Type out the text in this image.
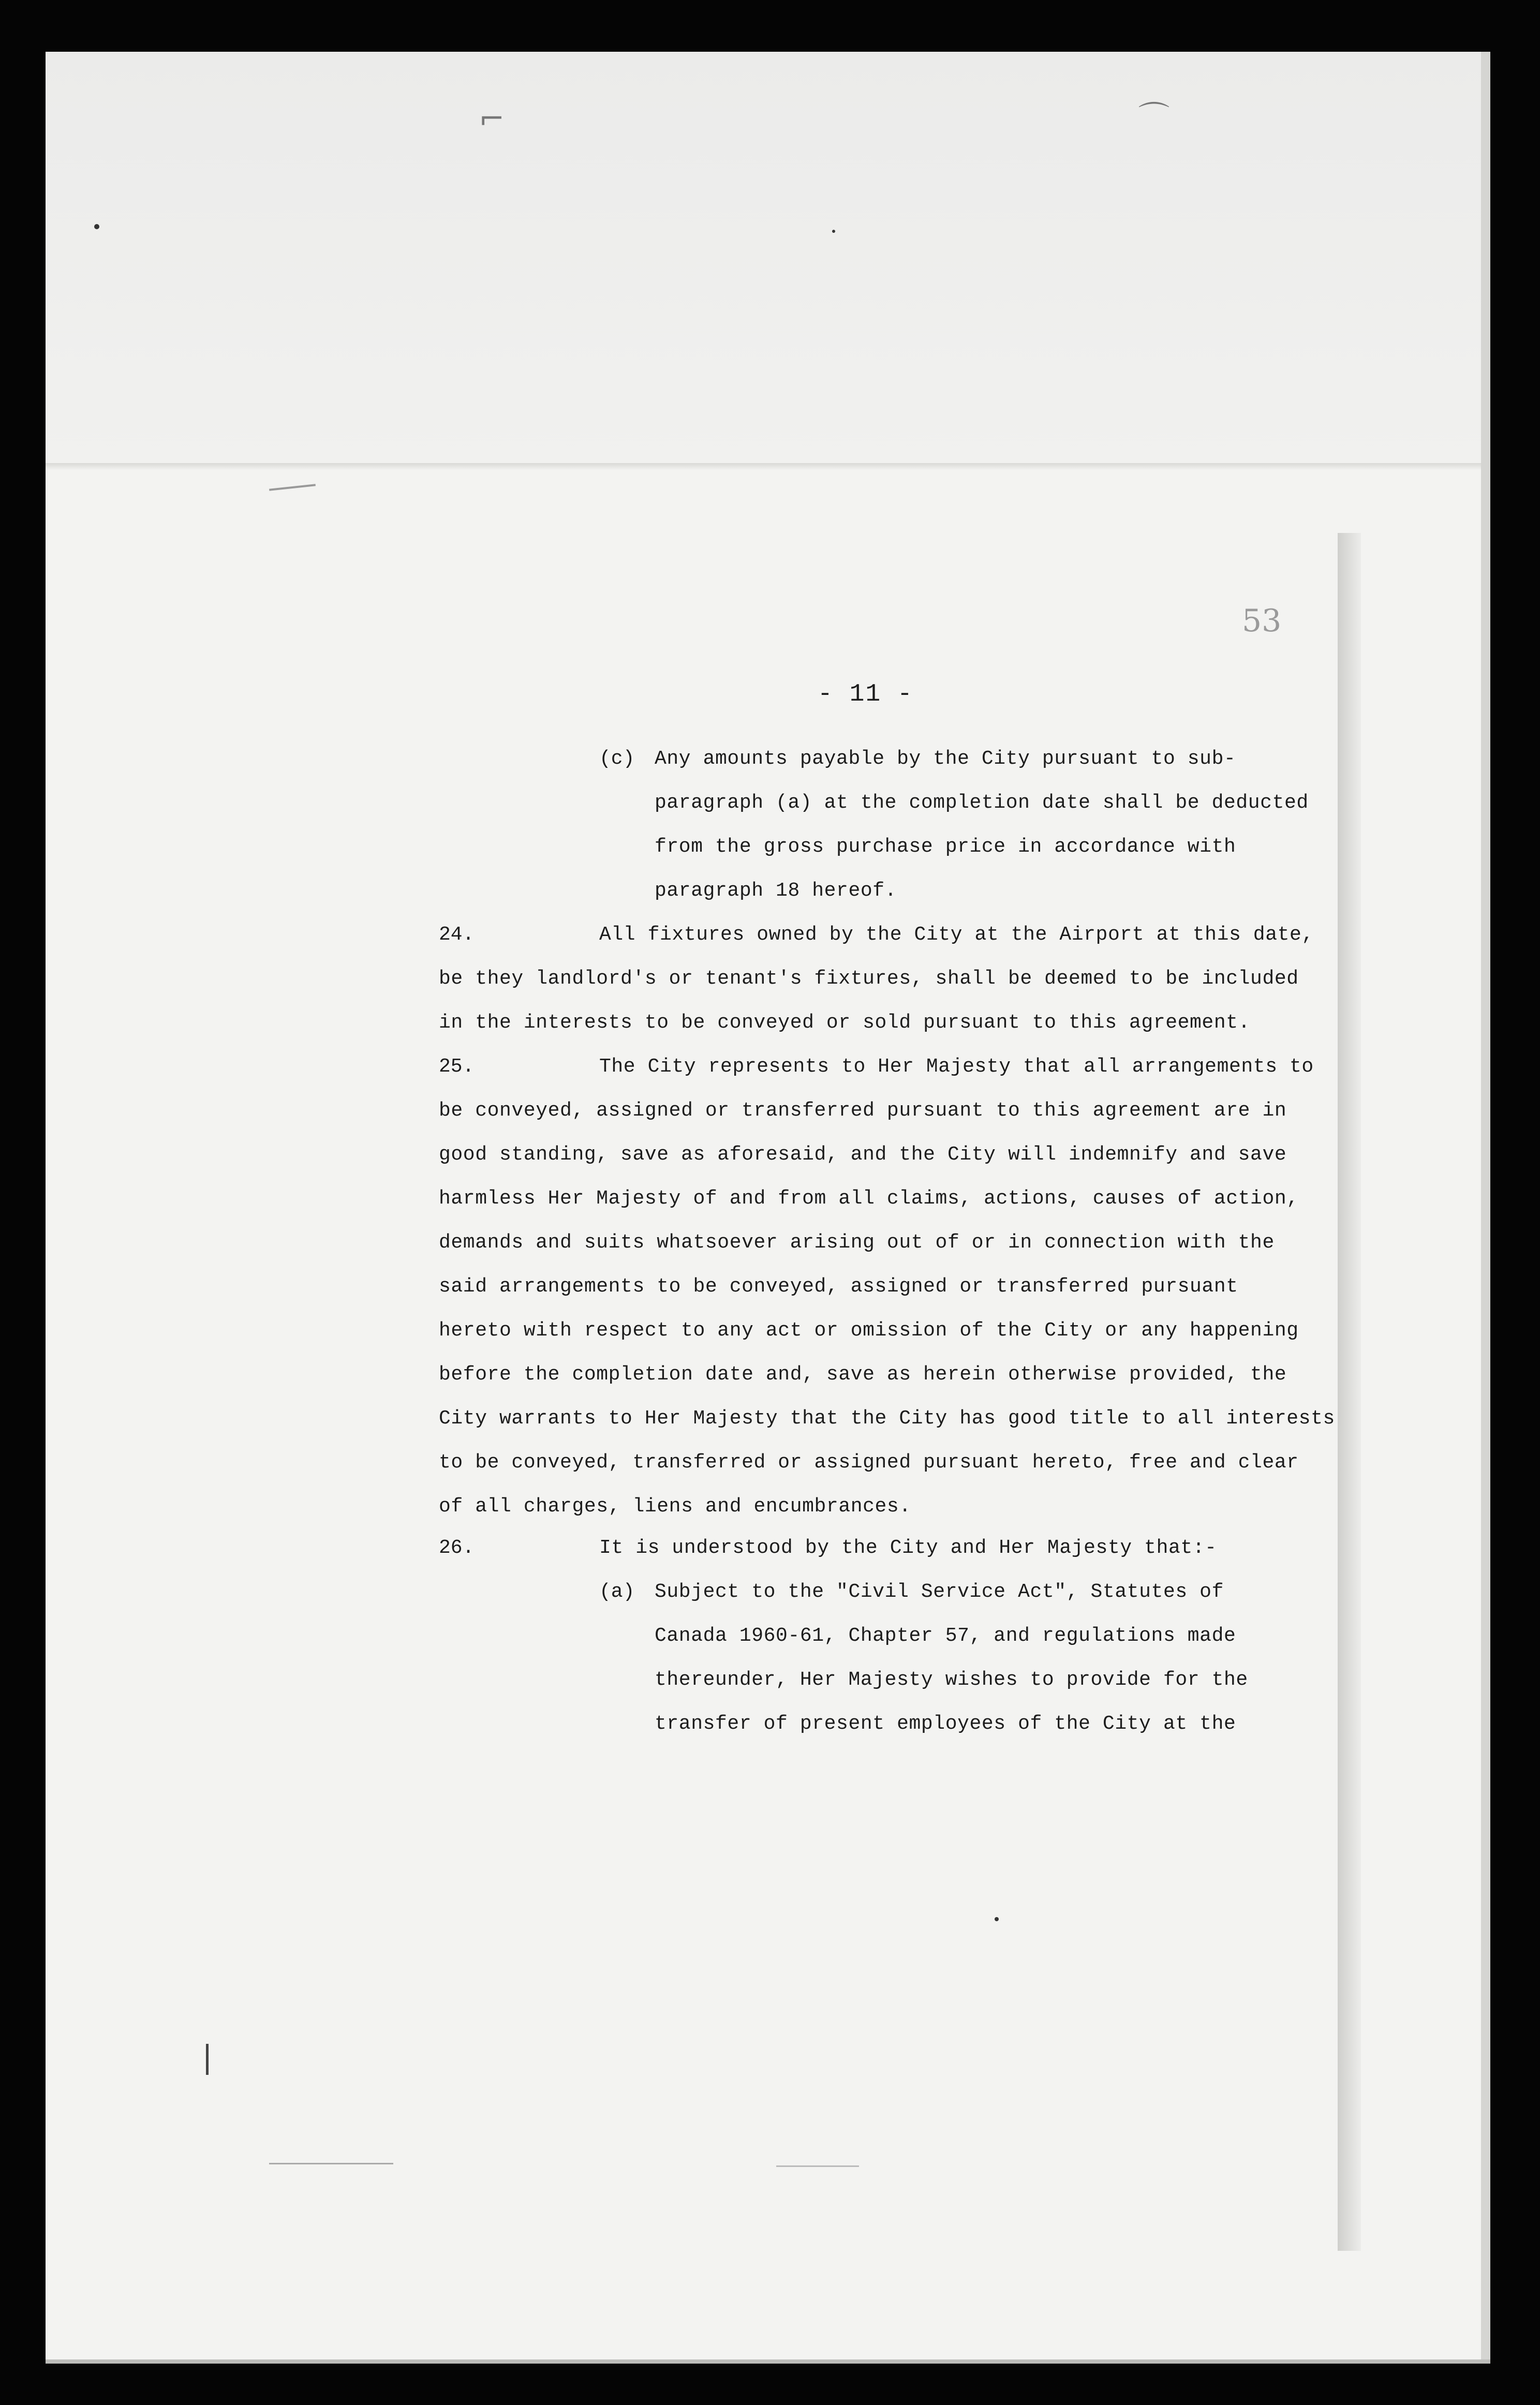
⌐	⌒
53
- 11 -
(c) Any amounts payable by the City pursuant to sub-
paragraph (a) at the completion date shall be deducted
from the gross purchase price in accordance with
paragraph 18 hereof.
24.	All fixtures owned by the City at the Airport at this date,
be they landlord's or tenant's fixtures, shall be deemed to be included
in the interests to be conveyed or sold pursuant to this agreement.
25.	The City represents to Her Majesty that all arrangements to
be conveyed, assigned or transferred pursuant to this agreement are in
good standing, save as aforesaid, and the City will indemnify and save
harmless Her Majesty of and from all claims, actions, causes of action,
demands and suits whatsoever arising out of or in connection with the
said arrangements to be conveyed, assigned or transferred pursuant
hereto with respect to any act or omission of the City or any happening
before the completion date and, save as herein otherwise provided, the
City warrants to Her Majesty that the City has good title to all interests
to be conveyed, transferred or assigned pursuant hereto, free and clear
of all charges, liens and encumbrances.
26.	It is understood by the City and Her Majesty that:-
(a) Subject to the "Civil Service Act", Statutes of
Canada 1960-61, Chapter 57, and regulations made
thereunder, Her Majesty wishes to provide for the
transfer of present employees of the City at the
